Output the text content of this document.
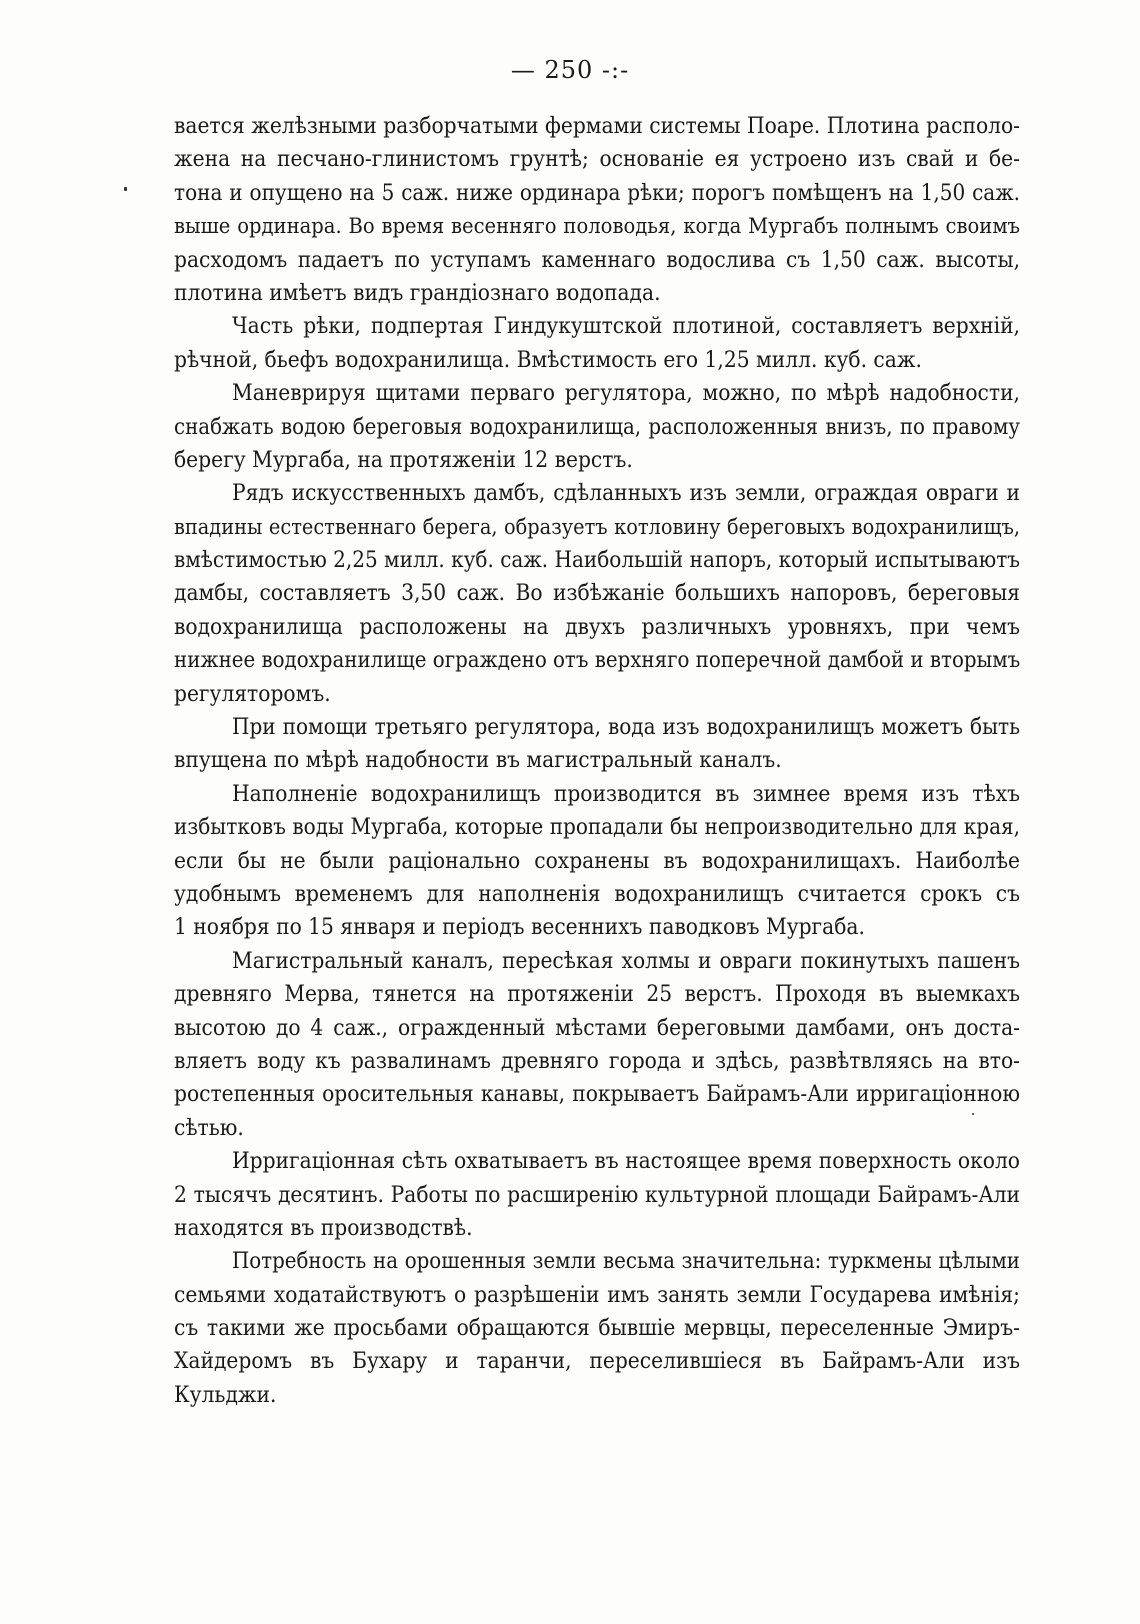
— 250 -:-
вается желѣзными разборчатыми фермами системы Поаре. Плотина располо-
жена на песчано-глинистомъ грунтѣ; основаніе ея устроено изъ свай и бе-
тона и опущено на 5 саж. ниже ординара рѣки; порогъ помѣщенъ на 1,50 саж.
выше ординара. Во время весенняго половодья, когда Мургабъ полнымъ своимъ
расходомъ падаетъ по уступамъ каменнаго водослива съ 1,50 саж. высоты,
плотина имѣетъ видъ грандіознаго водопада.
Часть рѣки, подпертая Гиндукуштской плотиной, составляетъ верхній,
рѣчной, бьефъ водохранилища. Вмѣстимость его 1,25 милл. куб. саж.
Маневрируя щитами перваго регулятора, можно, по мѣрѣ надобности,
снабжать водою береговыя водохранилища, расположенныя внизъ, по правому
берегу Мургаба, на протяженіи 12 верстъ.
Рядъ искусственныхъ дамбъ, сдѣланныхъ изъ земли, ограждая овраги и
впадины естественнаго берега, образуетъ котловину береговыхъ водохранилищъ,
вмѣстимостью 2,25 милл. куб. саж. Наибольшій напоръ, который испытываютъ
дамбы, составляетъ 3,50 саж. Во избѣжаніе большихъ напоровъ, береговыя
водохранилища расположены на двухъ различныхъ уровняхъ, при чемъ
нижнее водохранилище ограждено отъ верхняго поперечной дамбой и вторымъ
регуляторомъ.
При помощи третьяго регулятора, вода изъ водохранилищъ можетъ быть
впущена по мѣрѣ надобности въ магистральный каналъ.
Наполненіе водохранилищъ производится въ зимнее время изъ тѣхъ
избытковъ воды Мургаба, которые пропадали бы непроизводительно для края,
если бы не были раціонально сохранены въ водохранилищахъ. Наиболѣе
удобнымъ временемъ для наполненія водохранилищъ считается срокъ съ
1 ноября по 15 января и періодъ весеннихъ паводковъ Мургаба.
Магистральный каналъ, пересѣкая холмы и овраги покинутыхъ пашенъ
древняго Мерва, тянется на протяженіи 25 верстъ. Проходя въ выемкахъ
высотою до 4 саж., огражденный мѣстами береговыми дамбами, онъ доста-
вляетъ воду къ развалинамъ древняго города и здѣсь, развѣтвляясь на вто-
ростепенныя оросительныя канавы, покрываетъ Байрамъ-Али ирригаціонною
сѣтью.
Ирригаціонная сѣть охватываетъ въ настоящее время поверхность около
2 тысячъ десятинъ. Работы по расширенію культурной площади Байрамъ-Али
находятся въ производствѣ.
Потребность на орошенныя земли весьма значительна: туркмены цѣлыми
семьями ходатайствуютъ о разрѣшеніи имъ занять земли Государева имѣнія;
съ такими же просьбами обращаются бывшіе мервцы, переселенные Эмиръ-
Хайдеромъ въ Бухару и таранчи, переселившіеся въ Байрамъ-Али изъ
Кульджи.
